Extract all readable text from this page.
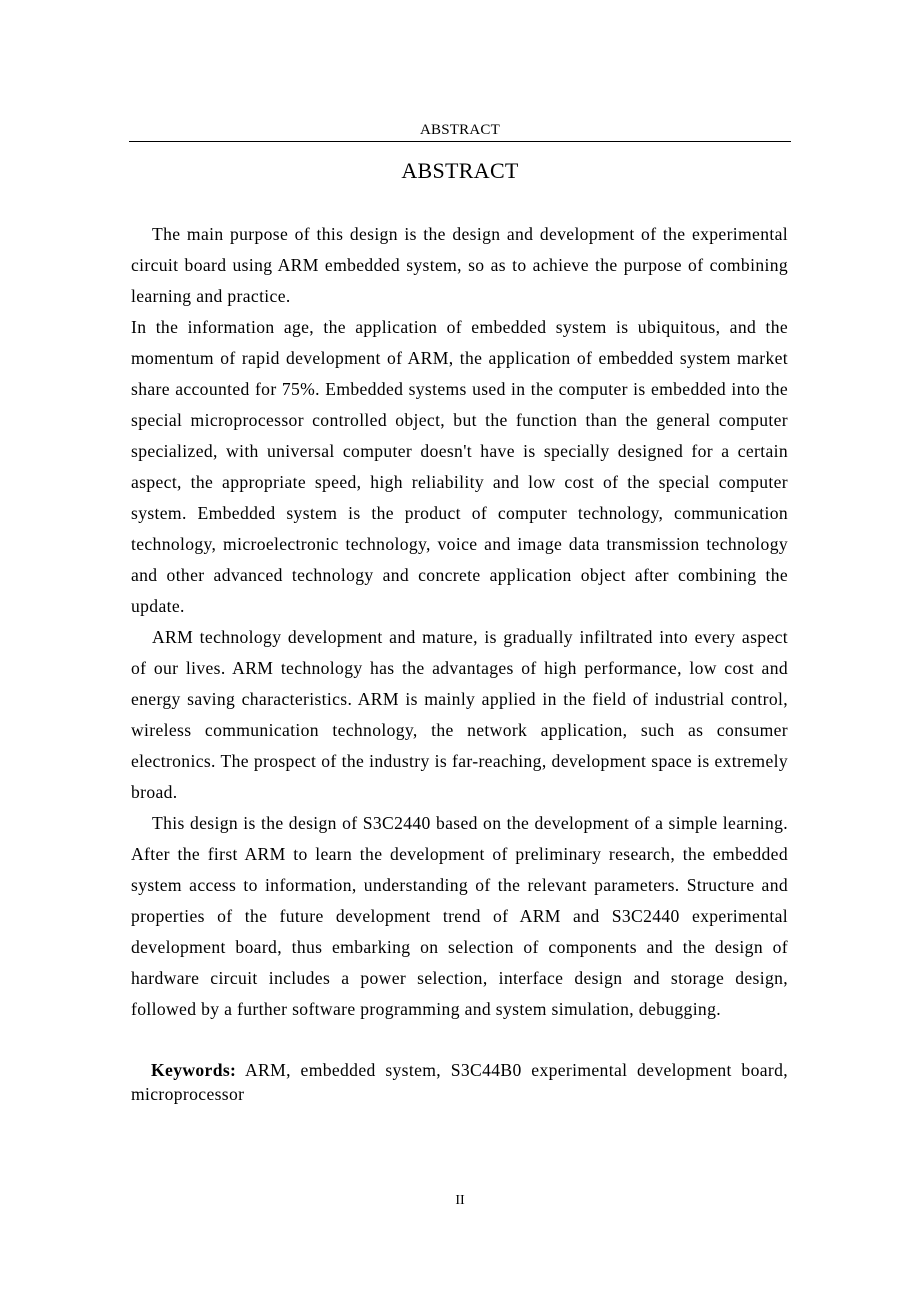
ABSTRACT
ABSTRACT

The main purpose of this design is the design and development of the experimental circuit board using ARM embedded system, so as to achieve the purpose of combining learning and practice.

In the information age, the application of embedded system is ubiquitous, and the momentum of rapid development of ARM, the application of embedded system market share accounted for 75%. Embedded systems used in the computer is embedded into the special microprocessor controlled object, but the function than the general computer specialized, with universal computer doesn't have is specially designed for a certain aspect, the appropriate speed, high reliability and low cost of the special computer system. Embedded system is the product of computer technology, communication technology, microelectronic technology, voice and image data transmission technology and other advanced technology and concrete application object after combining the update.

ARM technology development and mature, is gradually infiltrated into every aspect of our lives. ARM technology has the advantages of high performance, low cost and energy saving characteristics. ARM is mainly applied in the field of industrial control, wireless communication technology, the network application, such as consumer electronics. The prospect of the industry is far-reaching, development space is extremely broad.

This design is the design of S3C2440 based on the development of a simple learning. After the first ARM to learn the development of preliminary research, the embedded system access to information, understanding of the relevant parameters. Structure and properties of the future development trend of ARM and S3C2440 experimental development board, thus embarking on selection of components and the design of hardware circuit includes a power selection, interface design and storage design, followed by a further software programming and system simulation, debugging.

Keywords: ARM, embedded system, S3C44B0 experimental development board, microprocessor

II
